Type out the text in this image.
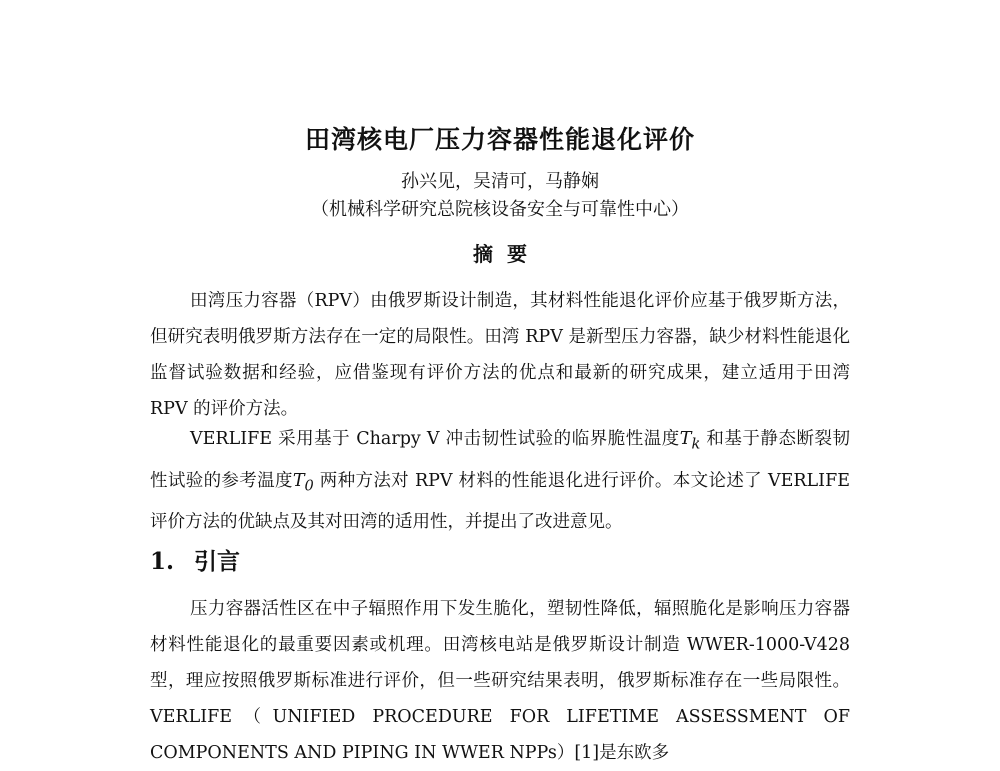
田湾核电厂压力容器性能退化评价
孙兴见，吴清可，马静娴
（机械科学研究总院核设备安全与可靠性中心）
摘要

田湾压力容器（RPV）由俄罗斯设计制造，其材料性能退化评价应基于俄罗斯方法，但研究表明俄罗斯方法存在一定的局限性。田湾 RPV 是新型压力容器，缺少材料性能退化监督试验数据和经验，应借鉴现有评价方法的优点和最新的研究成果，建立适用于田湾 RPV 的评价方法。

VERLIFE 采用基于 Charpy V 冲击韧性试验的临界脆性温度$T_k$ 和基于静态断裂韧性试验的参考温度$T_0$ 两种方法对 RPV 材料的性能退化进行评价。本文论述了 VERLIFE 评价方法的优缺点及其对田湾的适用性，并提出了改进意见。

1. 引言

压力容器活性区在中子辐照作用下发生脆化，塑韧性降低，辐照脆化是影响压力容器材料性能退化的最重要因素或机理。田湾核电站是俄罗斯设计制造 WWER-1000-V428 型，理应按照俄罗斯标准进行评价，但一些研究结果表明，俄罗斯标准存在一些局限性。VERLIFE（UNIFIED PROCEDURE FOR LIFETIME ASSESSMENT OF COMPONENTS AND PIPING IN WWER NPPs）[1]是东欧多
